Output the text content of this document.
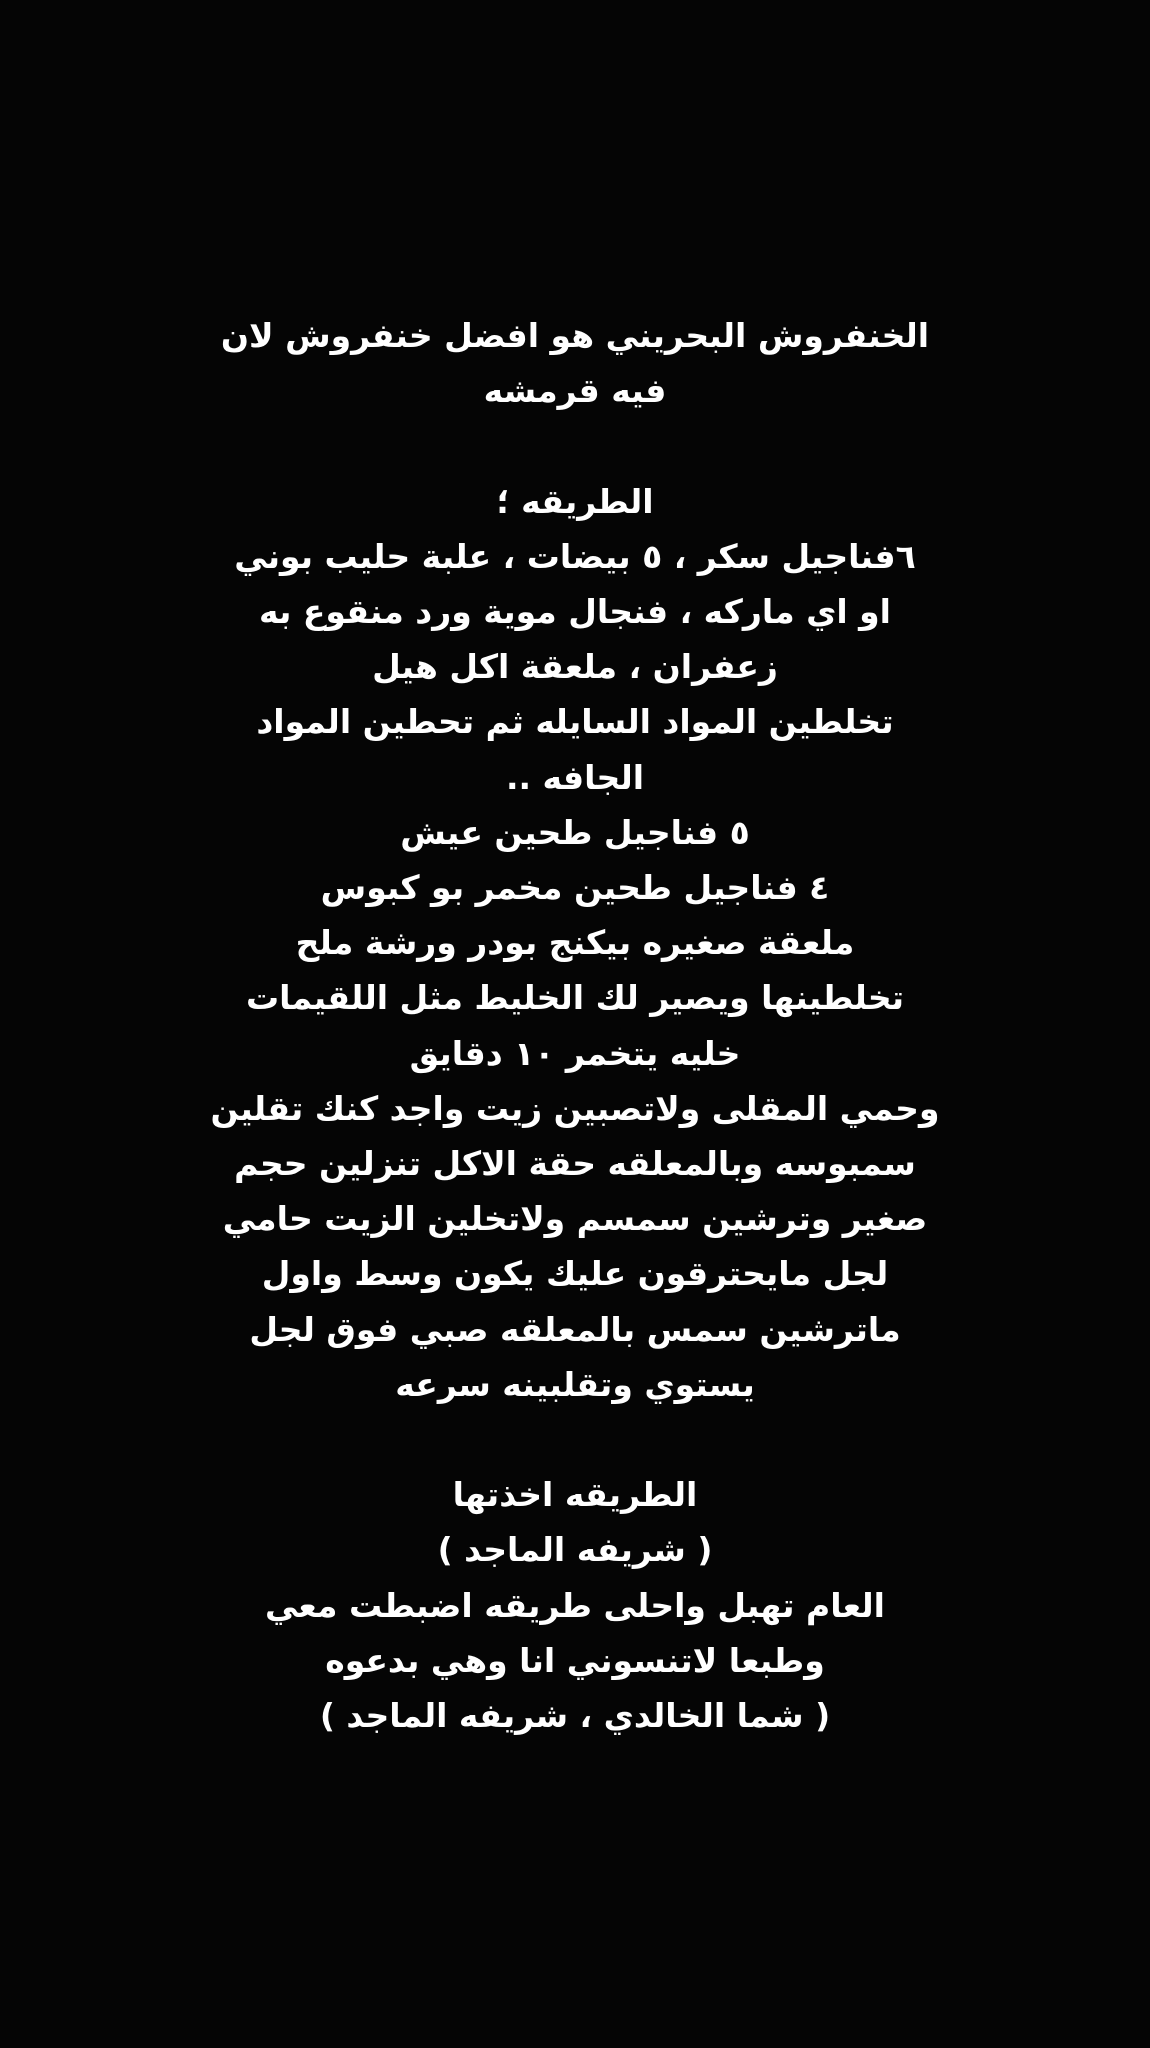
الخنفروش البحريني هو افضل خنفروش لان
فيه قرمشه
الطريقه ؛
٦فناجيل سكر ، ٥ بيضات ، علبة حليب بوني
او اي ماركه ، فنجال موية ورد منقوع به
زعفران ، ملعقة اكل هيل
تخلطين المواد السايله ثم تحطين المواد
الجافه ..
٥ فناجيل طحين عيش
٤ فناجيل طحين مخمر بو كبوس
ملعقة صغيره بيكنج بودر ورشة ملح
تخلطينها ويصير لك الخليط مثل اللقيمات
خليه يتخمر ١٠ دقايق
وحمي المقلى ولاتصبين زيت واجد كنك تقلين
سمبوسه وبالمعلقه حقة الاكل تنزلين حجم
صغير وترشين سمسم ولاتخلين الزيت حامي
لجل مايحترقون عليك يكون وسط واول
ماترشين سمس بالمعلقه صبي فوق لجل
يستوي وتقلبينه سرعه
الطريقه اخذتها
( شريفه الماجد )
العام تهبل واحلى طريقه اضبطت معي
وطبعا لاتنسوني انا وهي بدعوه
( شما الخالدي ، شريفه الماجد )
